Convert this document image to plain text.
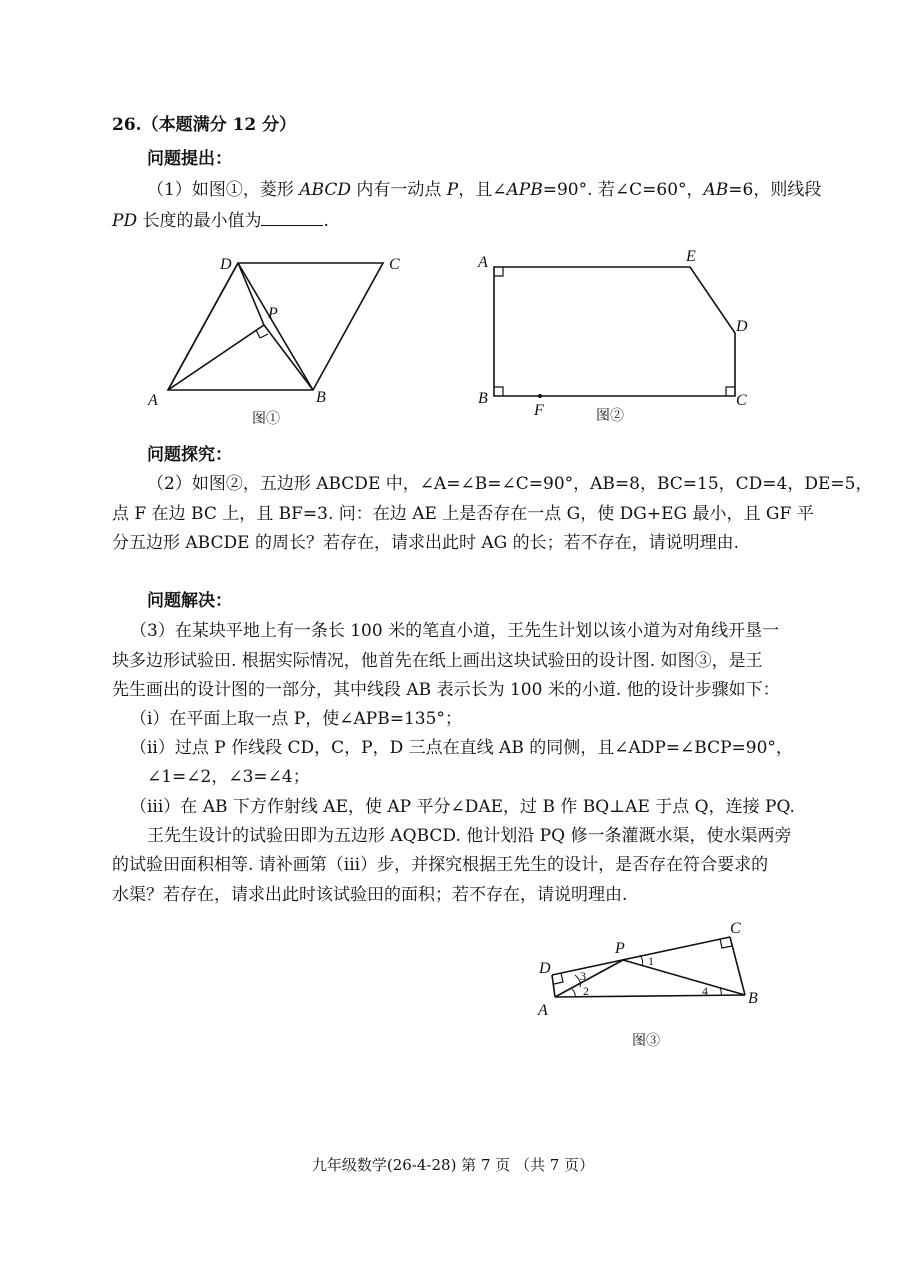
26.（本题满分 12 分）
问题提出：
（1）如图①，菱形 ABCD 内有一动点 P，且∠APB=90°. 若∠C=60°，AB=6，则线段
PD 长度的最小值为	.
A	B
C
D
P
图①
A
B	C
D
E
F	图②
问题探究：
（2）如图②，五边形 ABCDE 中，∠A=∠B=∠C=90°，AB=8，BC=15，CD=4，DE=5，
点 F 在边 BC 上，且 BF=3. 问：在边 AE 上是否存在一点 G，使 DG+EG 最小，且 GF 平
分五边形 ABCDE 的周长？若存在，请求出此时 AG 的长；若不存在，请说明理由.
问题解决：
（3）在某块平地上有一条长 100 米的笔直小道，王先生计划以该小道为对角线开垦一
块多边形试验田. 根据实际情况，他首先在纸上画出这块试验田的设计图. 如图③，是王
先生画出的设计图的一部分，其中线段 AB 表示长为 100 米的小道. 他的设计步骤如下：
（i）在平面上取一点 P，使∠APB=135°；
（ii）过点 P 作线段 CD，C，P，D 三点在直线 AB 的同侧，且∠ADP=∠BCP=90°，
∠1=∠2，∠3=∠4；
（iii）在 AB 下方作射线 AE，使 AP 平分∠DAE，过 B 作 BQ⊥AE 于点 Q，连接 PQ.
王先生设计的试验田即为五边形 AQBCD. 他计划沿 PQ 修一条灌溉水渠，使水渠两旁
的试验田面积相等. 请补画第（iii）步，并探究根据王先生的设计，是否存在符合要求的
水渠？若存在，请求出此时该试验田的面积；若不存在，请说明理由.
D
A
B
C
P
1
2
3
4
图③
九年级数学(26-4-28) 第 7 页 （共 7 页）
